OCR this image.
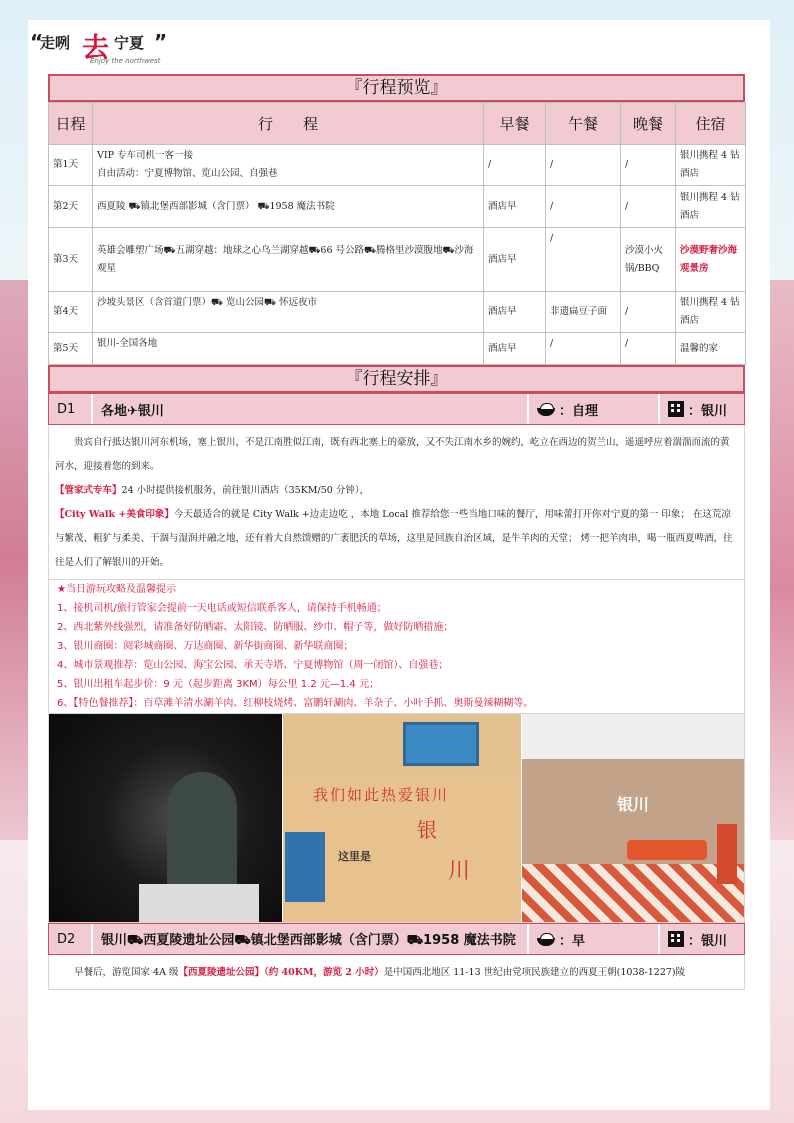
“
走咧 去 宁夏 ”
Enjoy the northwest
『行程预览』
日程	行　　程	早餐	午餐	晚餐	住宿
第1天	VIP 专车司机一客一接
自由活动：宁夏博物馆、览山公园、自强巷	/	/	/	银川携程 4 钻酒店
第2天	西夏陵 ⛟镇北堡西部影城（含门票） ⛟1958 魔法书院	酒店早	/	/	银川携程 4 钻酒店
第3天	英雄会雕塑广场⛟五湖穿越：地球之心乌兰湖穿越⛟66 号公路⛟腾格里沙漠腹地⛟沙海观星	酒店早	/	沙漠小火锅/BBQ	沙漠野奢沙海观景房
第4天	沙坡头景区（含首道门票）⛟ 览山公园⛟ 怀远夜市	酒店早	非遗扁豆子面	/	银川携程 4 钻酒店
第5天	银川-全国各地	酒店早	/	/	温馨的家
『行程安排』
D1	各地✈银川	：自理	：银川
贵宾自行抵达银川河东机场，塞上银川，不是江南胜似江南，既有西北塞上的豪放，又不失江南水乡的婉约，屹立在西边的贺兰山，遥遥呼应着湍湍而流的黄河水，迎接着您的到来。
【管家式专车】24 小时提供接机服务，前往银川酒店（35KM/50 分钟），
【City Walk +美食印象】今天最适合的就是 City Walk +边走边吃 ，本地 Local 推荐给您一些当地口味的餐厅，用味蕾打开你对宁夏的第一 印象； 在这荒凉与繁茂、粗犷与柔美、干涸与湿润并融之地，还有着大自然馈赠的广袤肥沃的草场，这里是回族自治区域，是牛羊肉的天堂； 烤一把羊肉串，喝一瓶西夏啤酒，往往是人们了解银川的开始。
★当日游玩攻略及温馨提示
1、接机司机/旅行管家会提前一天电话或短信联系客人，请保持手机畅通；
2、西北紫外线强烈，请准备好防晒霜、太阳镜、防晒服、纱巾、帽子等，做好防晒措施；
3、银川商圈：阅彩城商圈、万达商圈、新华街商圈、新华联商圈；
4、城市景观推荐：览山公园、海宝公园、承天寺塔、宁夏博物馆（周一闭馆）、自强巷；
5、银川出租车起步价：9 元（起步距离 3KM）每公里 1.2 元—1.4 元；
6、【特色餐推荐】：百草滩羊清水涮羊肉、红柳枝烧烤、富鹏轩涮肉、羊杂子、小叶手抓、奥斯曼辣糊糊等。
我们如此热爱银川
银
川
这里是
银川
D2	银川⛟西夏陵遗址公园⛟镇北堡西部影城（含门票）⛟1958 魔法书院	：早	：银川
早餐后，游览国家 4A 级【西夏陵遗址公园】（约 40KM，游览 2 小时）是中国西北地区 11-13 世纪由党项民族建立的西夏王朝(1038-1227)陵
